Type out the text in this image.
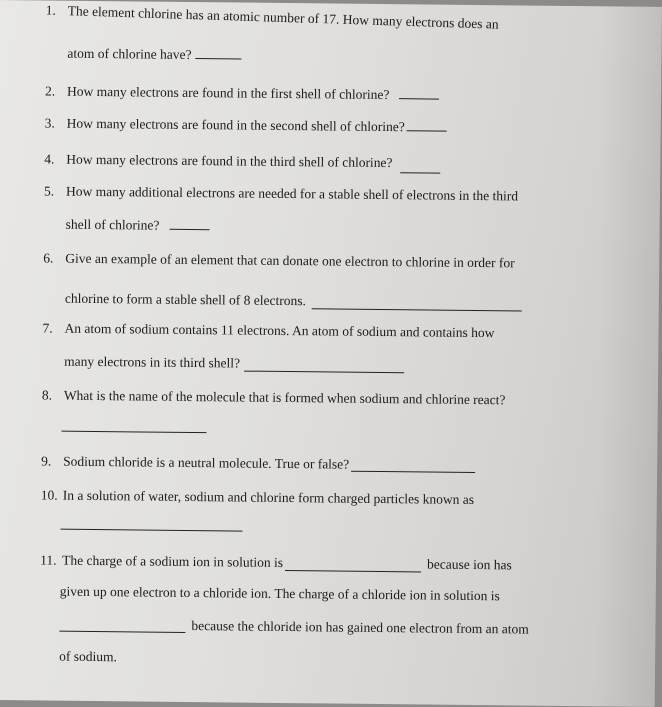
1. The element chlorine has an atomic number of 17. How many electrons does an
atom of chlorine have?
2. How many electrons are found in the first shell of chlorine?
3. How many electrons are found in the second shell of chlorine?
4. How many electrons are found in the third shell of chlorine?
5. How many additional electrons are needed for a stable shell of electrons in the third
shell of chlorine?
6. Give an example of an element that can donate one electron to chlorine in order for
chlorine to form a stable shell of 8 electrons.
7. An atom of sodium contains 11 electrons. An atom of sodium and contains how
many electrons in its third shell?
8. What is the name of the molecule that is formed when sodium and chlorine react?
9. Sodium chloride is a neutral molecule. True or false?
10. In a solution of water, sodium and chlorine form charged particles known as
11. The charge of a sodium ion in solution is	because ion has
given up one electron to a chloride ion. The charge of a chloride ion in solution is
because the chloride ion has gained one electron from an atom
of sodium.
